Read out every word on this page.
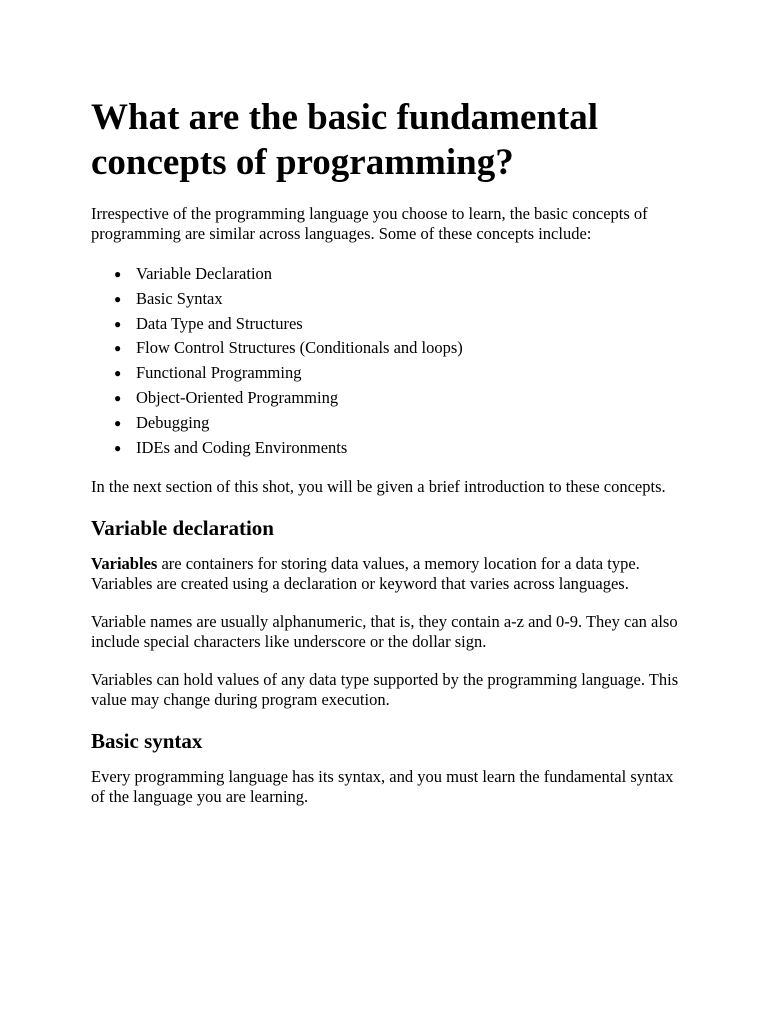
What are the basic fundamental concepts of programming?

Irrespective of the programming language you choose to learn, the basic concepts of programming are similar across languages. Some of these concepts include:

● Variable Declaration
● Basic Syntax
● Data Type and Structures
● Flow Control Structures (Conditionals and loops)
● Functional Programming
● Object-Oriented Programming
● Debugging
● IDEs and Coding Environments

In the next section of this shot, you will be given a brief introduction to these concepts.

Variable declaration

Variables are containers for storing data values, a memory location for a data type. Variables are created using a declaration or keyword that varies across languages.

Variable names are usually alphanumeric, that is, they contain a-z and 0-9. They can also include special characters like underscore or the dollar sign.

Variables can hold values of any data type supported by the programming language. This value may change during program execution.

Basic syntax

Every programming language has its syntax, and you must learn the fundamental syntax of the language you are learning.
